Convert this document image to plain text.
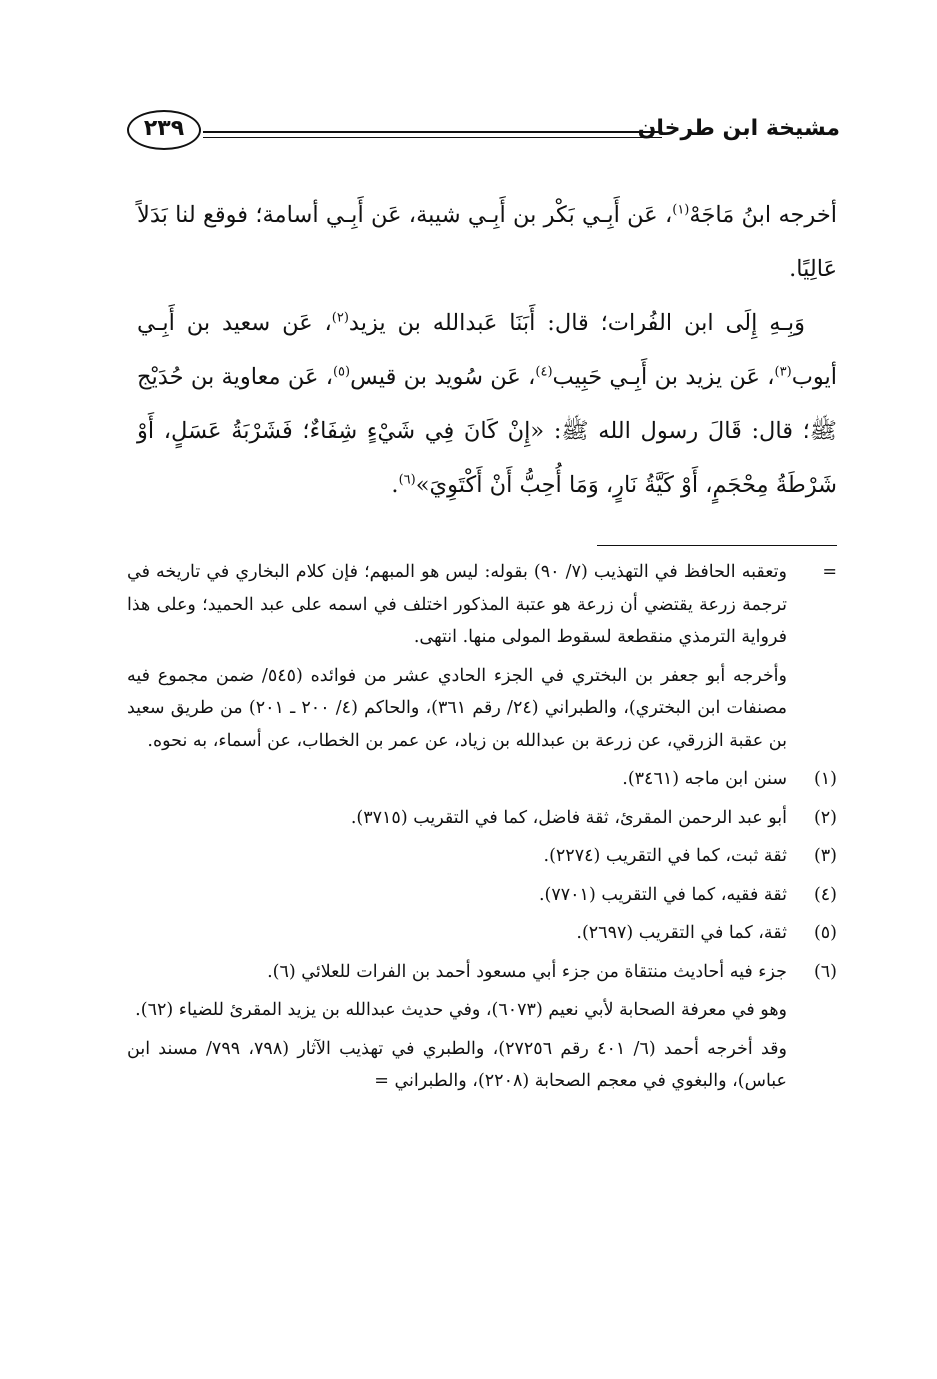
مشيخة ابن طرخان
٢٣٩

أخرجه ابنُ مَاجَهْ$^{(١)}$، عَن أَبِـي بَكْر بن أَبِـي شيبة، عَن أَبِـي أسامة؛ فوقع لنا بَدَلاً عَالِيًا.

وَبِـهِ إِلَى ابن الفُرات؛ قال: أَبَنَا عَبدالله بن يزيد$^{(٢)}$، عَن سعيد بن أَبِـي أيوب$^{(٣)}$، عَن يزيد بن أَبِـي حَبِيب$^{(٤)}$، عَن سُويد بن قيس$^{(٥)}$، عَن معاوية بن حُدَيْج ﷺ؛ قال: قَالَ رسول الله ﷺ: «إِنْ كَانَ فِي شَيْءٍ شِفَاءٌ؛ فَشَرْبَةُ عَسَلٍ، أَوْ شَرْطَةُ مِحْجَمٍ، أَوْ كَيَّةُ نَارٍ، وَمَا أُحِبُّ أَنْ أَكْتَوِيَ»$^{(٦)}$.

=

وتعقبه الحافظ في التهذيب (٧/ ٩٠) بقوله: ليس هو المبهم؛ فإن كلام البخاري في تاريخه في ترجمة زرعة يقتضي أن زرعة هو عتبة المذكور اختلف في اسمه على عبد الحميد؛ وعلى هذا فرواية الترمذي منقطعة لسقوط المولى منها. انتهى.

وأخرجه أبو جعفر بن البختري في الجزء الحادي عشر من فوائده (٥٤٥/ ضمن مجموع فيه مصنفات ابن البختري)، والطبراني (٢٤/ رقم ٣٦١)، والحاكم (٤/ ٢٠٠ ـ ٢٠١) من طريق سعيد بن عقبة الزرقي، عن زرعة بن عبدالله بن زياد، عن عمر بن الخطاب، عن أسماء، به نحوه.

(١)
سنن ابن ماجه (٣٤٦١).
(٢)
أبو عبد الرحمن المقرئ، ثقة فاضل، كما في التقريب (٣٧١٥).
(٣)
ثقة ثبت، كما في التقريب (٢٢٧٤).
(٤)
ثقة فقيه، كما في التقريب (٧٧٠١).
(٥)
ثقة، كما في التقريب (٢٦٩٧).
(٦)

جزء فيه أحاديث منتقاة من جزء أبي مسعود أحمد بن الفرات للعلائي (٦).

وهو في معرفة الصحابة لأبي نعيم (٦٠٧٣)، وفي حديث عبدالله بن يزيد المقرئ للضياء (٦٢).

وقد أخرجه أحمد (٦/ ٤٠١ رقم ٢٧٢٥٦)، والطبري في تهذيب الآثار (٧٩٨، ٧٩٩/ مسند ابن عباس)، والبغوي في معجم الصحابة (٢٢٠٨)، والطبراني =
